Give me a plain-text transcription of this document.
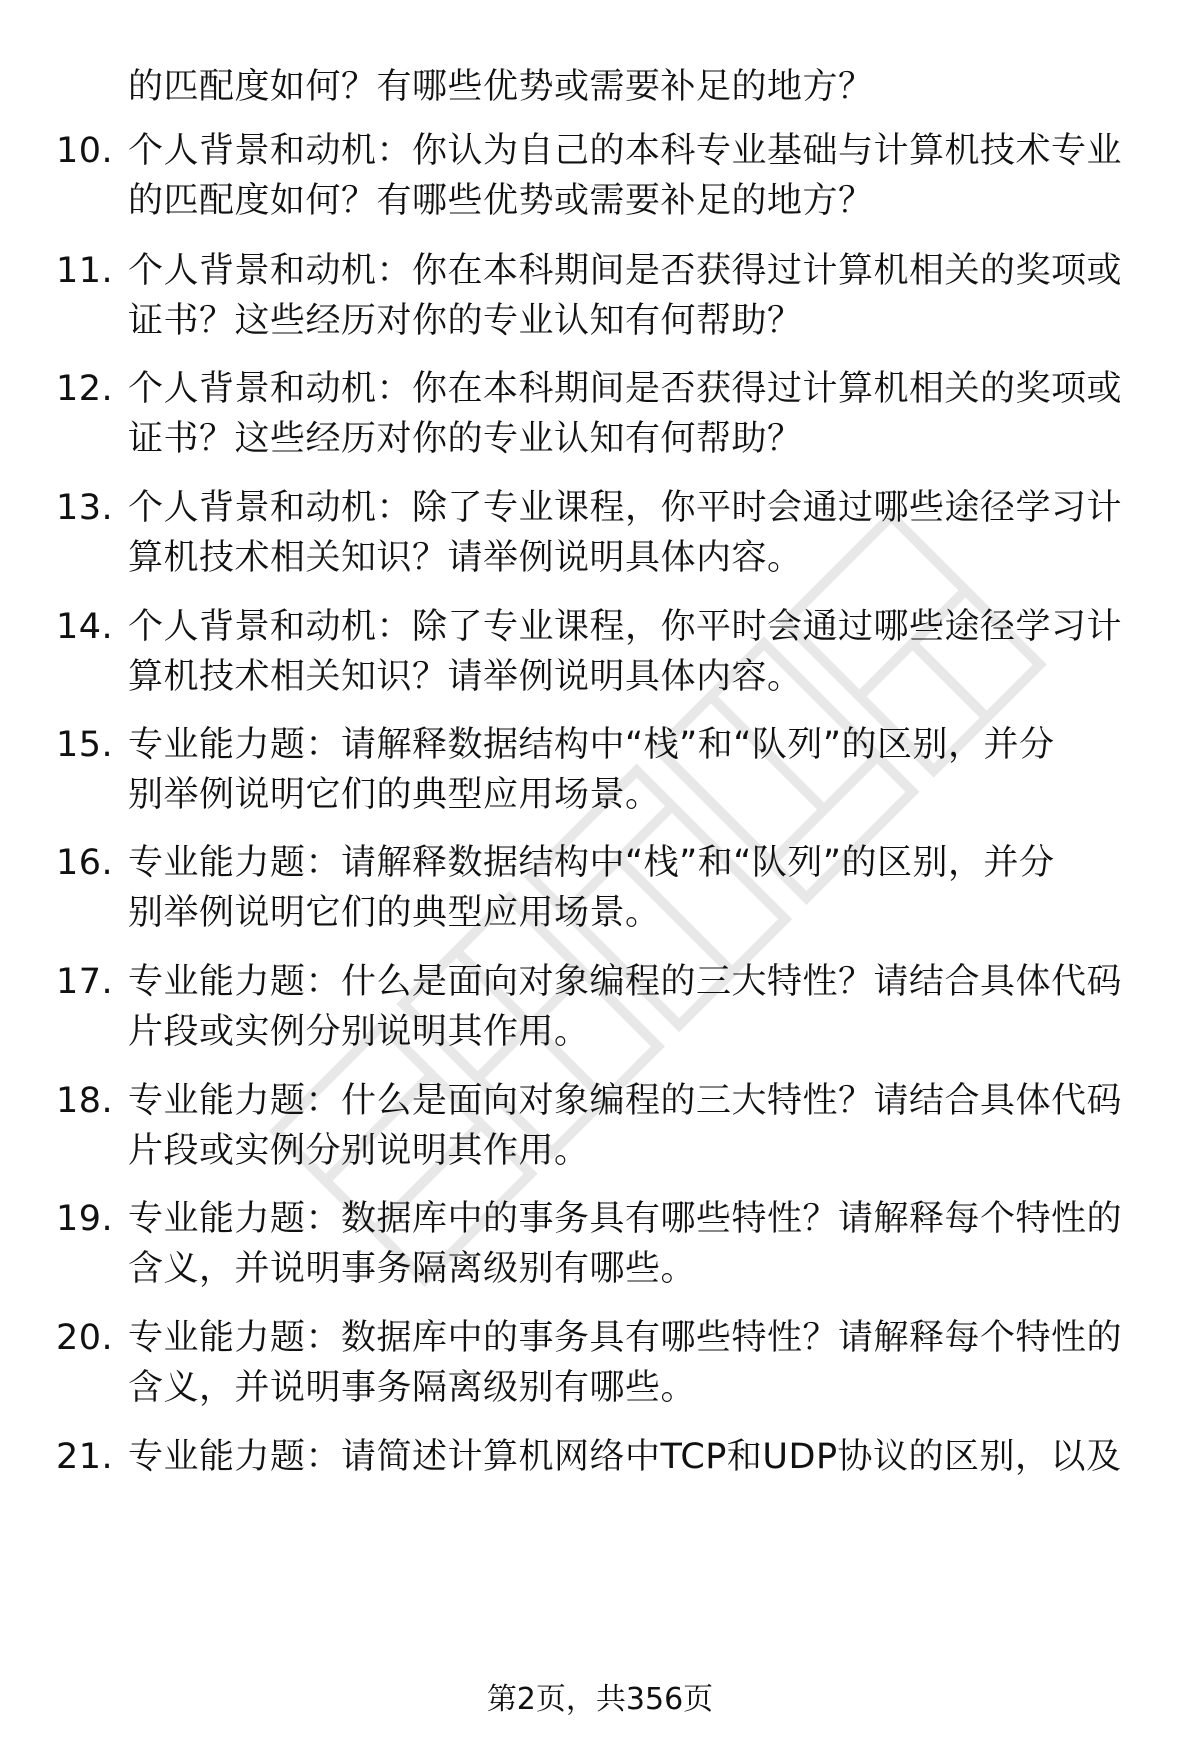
的匹配度如何？有哪些优势或需要补足的地方？
10. 个人背景和动机：你认为自己的本科专业基础与计算机技术专业
的匹配度如何？有哪些优势或需要补足的地方？
11. 个人背景和动机：你在本科期间是否获得过计算机相关的奖项或
证书？这些经历对你的专业认知有何帮助？
12. 个人背景和动机：你在本科期间是否获得过计算机相关的奖项或
证书？这些经历对你的专业认知有何帮助？
13. 个人背景和动机：除了专业课程，你平时会通过哪些途径学习计
算机技术相关知识？请举例说明具体内容。
14. 个人背景和动机：除了专业课程，你平时会通过哪些途径学习计
算机技术相关知识？请举例说明具体内容。
15. 专业能力题：请解释数据结构中“栈”和“队列”的区别，并分
别举例说明它们的典型应用场景。
16. 专业能力题：请解释数据结构中“栈”和“队列”的区别，并分
别举例说明它们的典型应用场景。
17. 专业能力题：什么是面向对象编程的三大特性？请结合具体代码
片段或实例分别说明其作用。
18. 专业能力题：什么是面向对象编程的三大特性？请结合具体代码
片段或实例分别说明其作用。
19. 专业能力题：数据库中的事务具有哪些特性？请解释每个特性的
含义，并说明事务隔离级别有哪些。
20. 专业能力题：数据库中的事务具有哪些特性？请解释每个特性的
含义，并说明事务隔离级别有哪些。
21. 专业能力题：请简述计算机网络中TCP和UDP协议的区别，以及
第2页，共356页
